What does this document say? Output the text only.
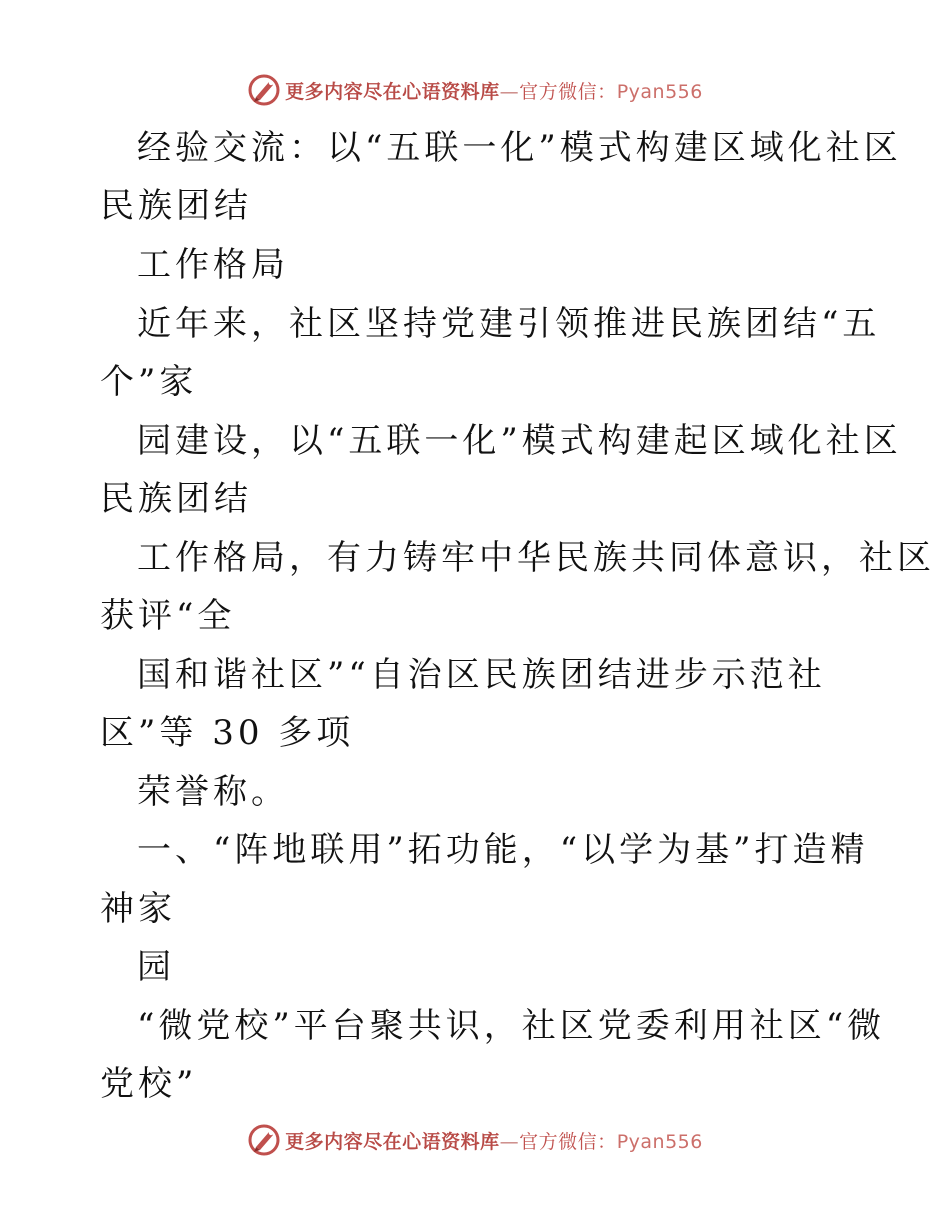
更多内容尽在心语资料库—官方微信：Pyan556
经验交流：以“五联一化”模式构建区域化社区
民族团结
工作格局
近年来，社区坚持党建引领推进民族团结“五
个”家
园建设，以“五联一化”模式构建起区域化社区
民族团结
工作格局，有力铸牢中华民族共同体意识，社区
获评“全
国和谐社区”“自治区民族团结进步示范社
区”等 30 多项
荣誉称。
一、“阵地联用”拓功能，“以学为基”打造精
神家
园
“微党校”平台聚共识，社区党委利用社区“微
党校”
更多内容尽在心语资料库—官方微信：Pyan556
